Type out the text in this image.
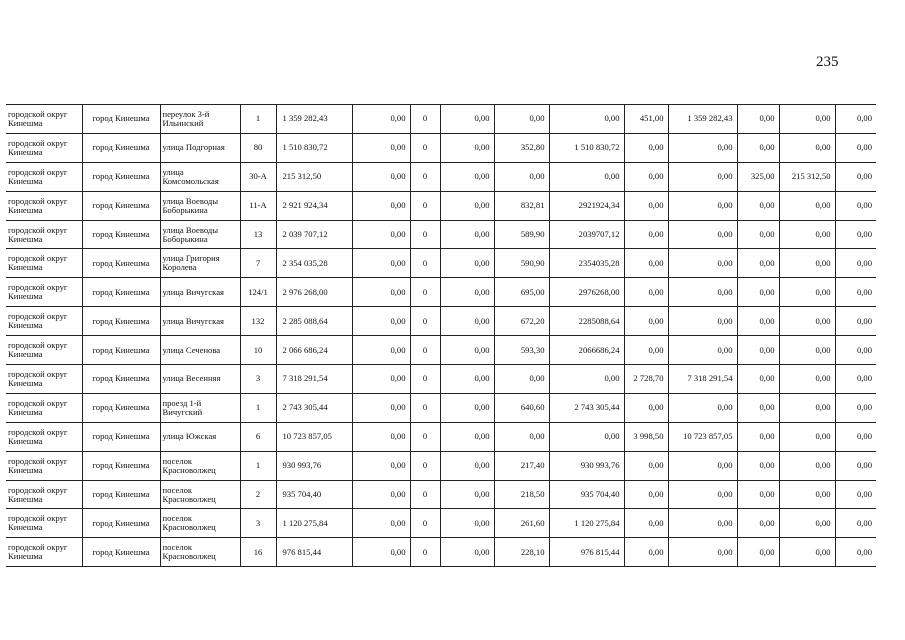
235
городской округ Кинешма	город Кинешма	переулок 3-й Ильинский	1	1 359 282,43	0,00	0	0,00	0,00	0,00	451,00	1 359 282,43	0,00	0,00	0,00
городской округ Кинешма	город Кинешма	улица Подгорная	80	1 510 830,72	0,00	0	0,00	352,80	1 510 830,72	0,00	0,00	0,00	0,00	0,00
городской округ Кинешма	город Кинешма	улица Комсомольская	30-А	215 312,50	0,00	0	0,00	0,00	0,00	0,00	0,00	325,00	215 312,50	0,00
городской округ Кинешма	город Кинешма	улица Воеводы Боборыкина	11-А	2 921 924,34	0,00	0	0,00	832,81	2921924,34	0,00	0,00	0,00	0,00	0,00
городской округ Кинешма	город Кинешма	улица Воеводы Боборыкина	13	2 039 707,12	0,00	0	0,00	589,90	2039707,12	0,00	0,00	0,00	0,00	0,00
городской округ Кинешма	город Кинешма	улица Григория Королева	7	2 354 035,28	0,00	0	0,00	590,90	2354035,28	0,00	0,00	0,00	0,00	0,00
городской округ Кинешма	город Кинешма	улица Вичугская	124/1	2 976 268,00	0,00	0	0,00	695,00	2976268,00	0,00	0,00	0,00	0,00	0,00
городской округ Кинешма	город Кинешма	улица Вичугская	132	2 285 088,64	0,00	0	0,00	672,20	2285088,64	0,00	0,00	0,00	0,00	0,00
городской округ Кинешма	город Кинешма	улица Сеченова	10	2 066 686,24	0,00	0	0,00	593,30	2066686,24	0,00	0,00	0,00	0,00	0,00
городской округ Кинешма	город Кинешма	улица Весенняя	3	7 318 291,54	0,00	0	0,00	0,00	0,00	2 728,70	7 318 291,54	0,00	0,00	0,00
городской округ Кинешма	город Кинешма	проезд 1-й Вичугский	1	2 743 305,44	0,00	0	0,00	640,60	2 743 305,44	0,00	0,00	0,00	0,00	0,00
городской округ Кинешма	город Кинешма	улица Южская	6	10 723 857,05	0,00	0	0,00	0,00	0,00	3 998,50	10 723 857,05	0,00	0,00	0,00
городской округ Кинешма	город Кинешма	поселок Красноволжец	1	930 993,76	0,00	0	0,00	217,40	930 993,76	0,00	0,00	0,00	0,00	0,00
городской округ Кинешма	город Кинешма	поселок Красноволжец	2	935 704,40	0,00	0	0,00	218,50	935 704,40	0,00	0,00	0,00	0,00	0,00
городской округ Кинешма	город Кинешма	поселок Красноволжец	3	1 120 275,84	0,00	0	0,00	261,60	1 120 275,84	0,00	0,00	0,00	0,00	0,00
городской округ Кинешма	город Кинешма	поселок Красноволжец	16	976 815,44	0,00	0	0,00	228,10	976 815,44	0,00	0,00	0,00	0,00	0,00
